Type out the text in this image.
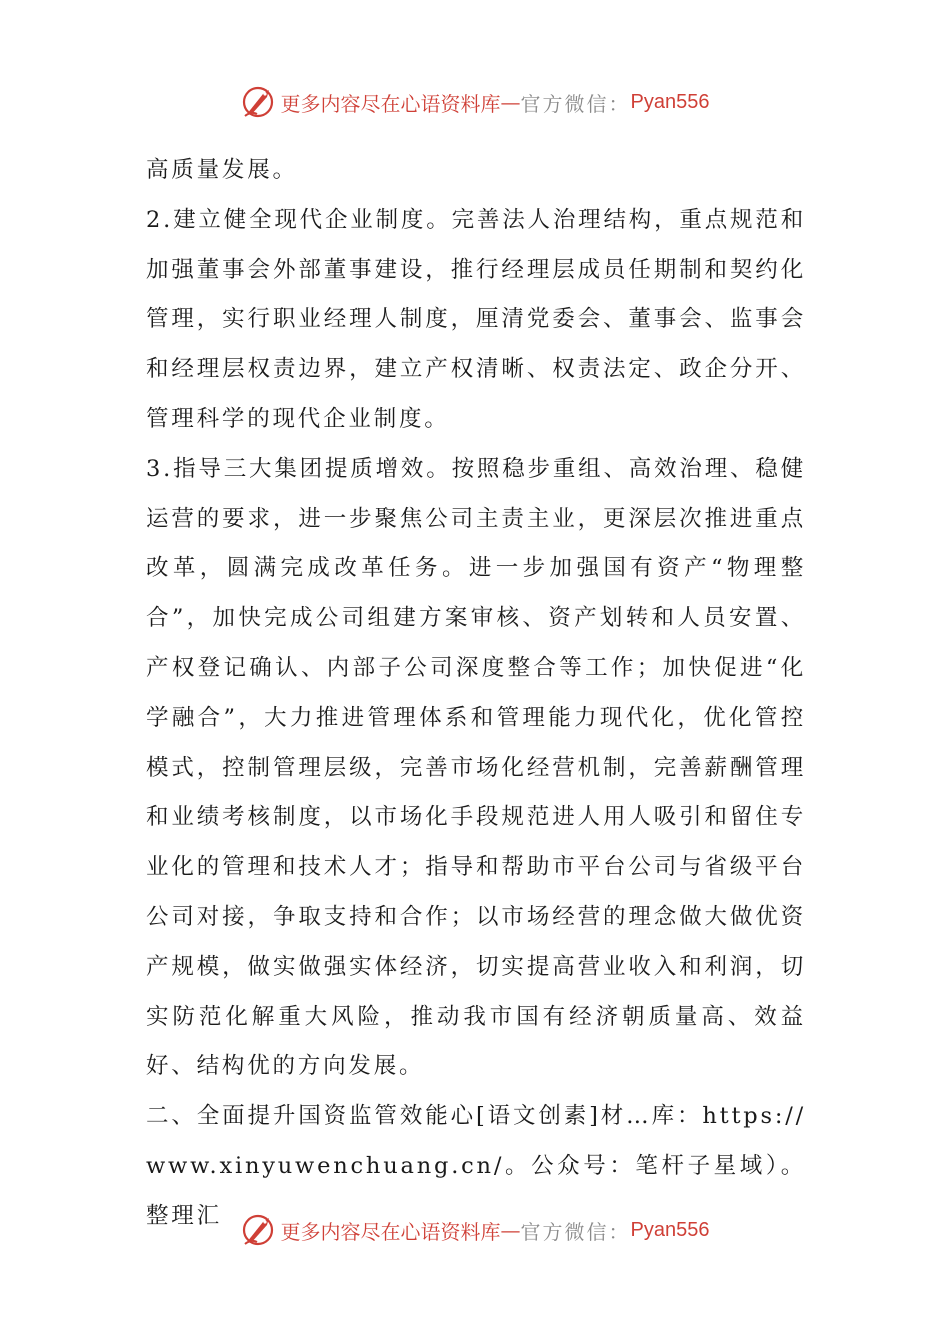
更多内容尽在心语资料库 — 官方微信： Pyan556

高质量发展。

2.建立健全现代企业制度。完善法人治理结构，重点规范和加强董事会外部董事建设，推行经理层成员任期制和契约化管理，实行职业经理人制度，厘清党委会、董事会、监事会和经理层权责边界，建立产权清晰、权责法定、政企分开、管理科学的现代企业制度。

3.指导三大集团提质增效。按照稳步重组、高效治理、稳健运营的要求，进一步聚焦公司主责主业，更深层次推进重点改革，圆满完成改革任务。进一步加强国有资产“物理整合”，加快完成公司组建方案审核、资产划转和人员安置、产权登记确认、内部子公司深度整合等工作；加快促进“化学融合”，大力推进管理体系和管理能力现代化，优化管控模式，控制管理层级，完善市场化经营机制，完善薪酬管理和业绩考核制度，以市场化手段规范进人用人吸引和留住专业化的管理和技术人才；指导和帮助市平台公司与省级平台公司对接，争取支持和合作；以市场经营的理念做大做优资产规模，做实做强实体经济，切实提高营业收入和利润，切实防范化解重大风险，推动我市国有经济朝质量高、效益好、结构优的方向发展。

二、全面提升国资监管效能心[语文创素]材…库：https://www.xinyuwenchuang.cn/。公众号：笔杆子星域）。整理汇

更多内容尽在心语资料库 — 官方微信： Pyan556
